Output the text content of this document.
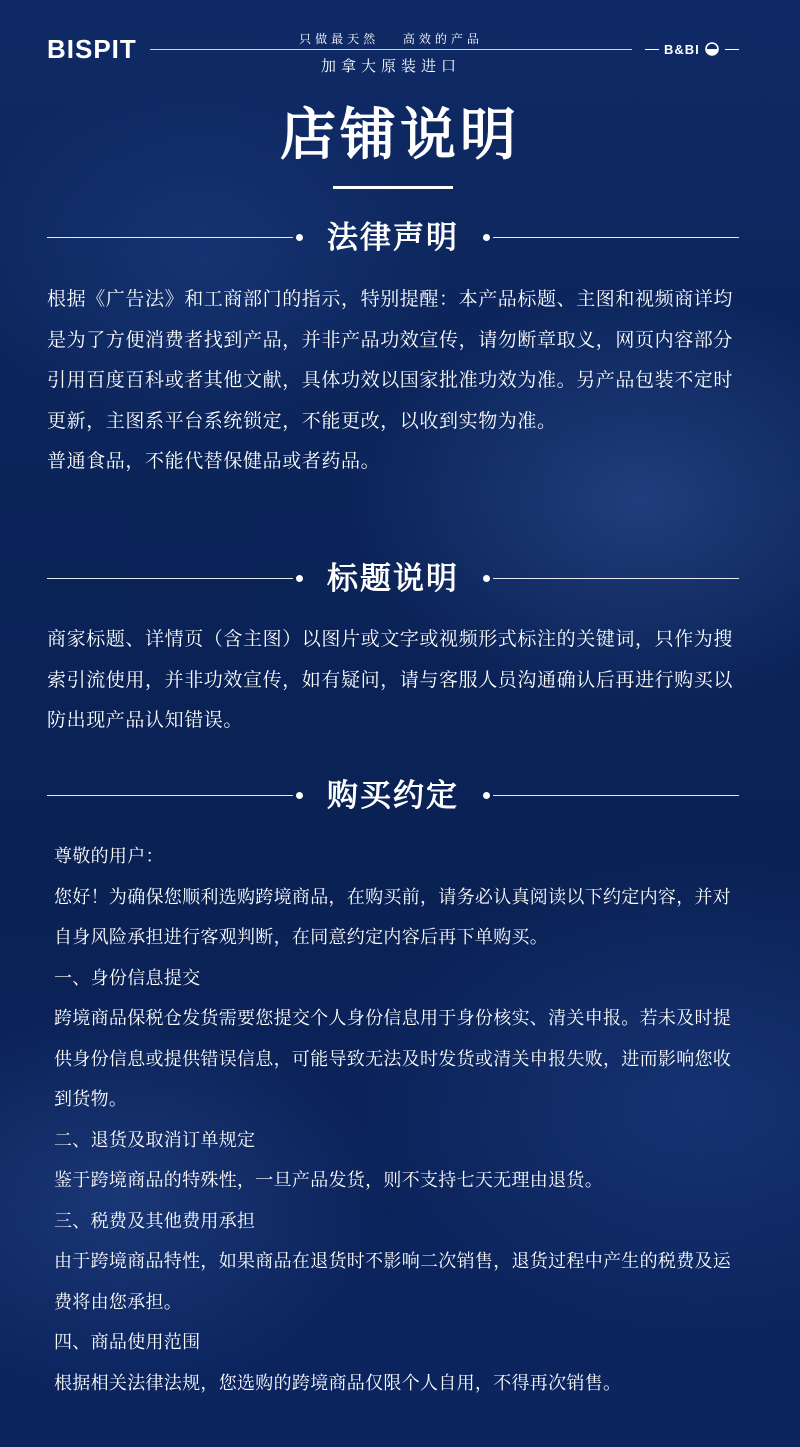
BISPIT	只做最天然　 高效的产品
加拿大原装进口
B&BI
店铺说明
法律声明

根据《广告法》和工商部门的指示，特别提醒：本产品标题、主图和视频商详均是为了方便消费者找到产品，并非产品功效宣传，请勿断章取义，网页内容部分引用百度百科或者其他文献，具体功效以国家批准功效为准。另产品包装不定时更新，主图系平台系统锁定，不能更改，以收到实物为准。

普通食品，不能代替保健品或者药品。

标题说明

商家标题、详情页（含主图）以图片或文字或视频形式标注的关键词，只作为搜索引流使用，并非功效宣传，如有疑问，请与客服人员沟通确认后再进行购买以防出现产品认知错误。

购买约定

尊敬的用户：

您好！为确保您顺利选购跨境商品，在购买前，请务必认真阅读以下约定内容，并对自身风险承担进行客观判断，在同意约定内容后再下单购买。

一、身份信息提交

跨境商品保税仓发货需要您提交个人身份信息用于身份核实、清关申报。若未及时提供身份信息或提供错误信息，可能导致无法及时发货或清关申报失败，进而影响您收到货物。

二、退货及取消订单规定

鉴于跨境商品的特殊性，一旦产品发货，则不支持七天无理由退货。

三、税费及其他费用承担

由于跨境商品特性，如果商品在退货时不影响二次销售，退货过程中产生的税费及运费将由您承担。

四、商品使用范围

根据相关法律法规，您选购的跨境商品仅限个人自用，不得再次销售。
